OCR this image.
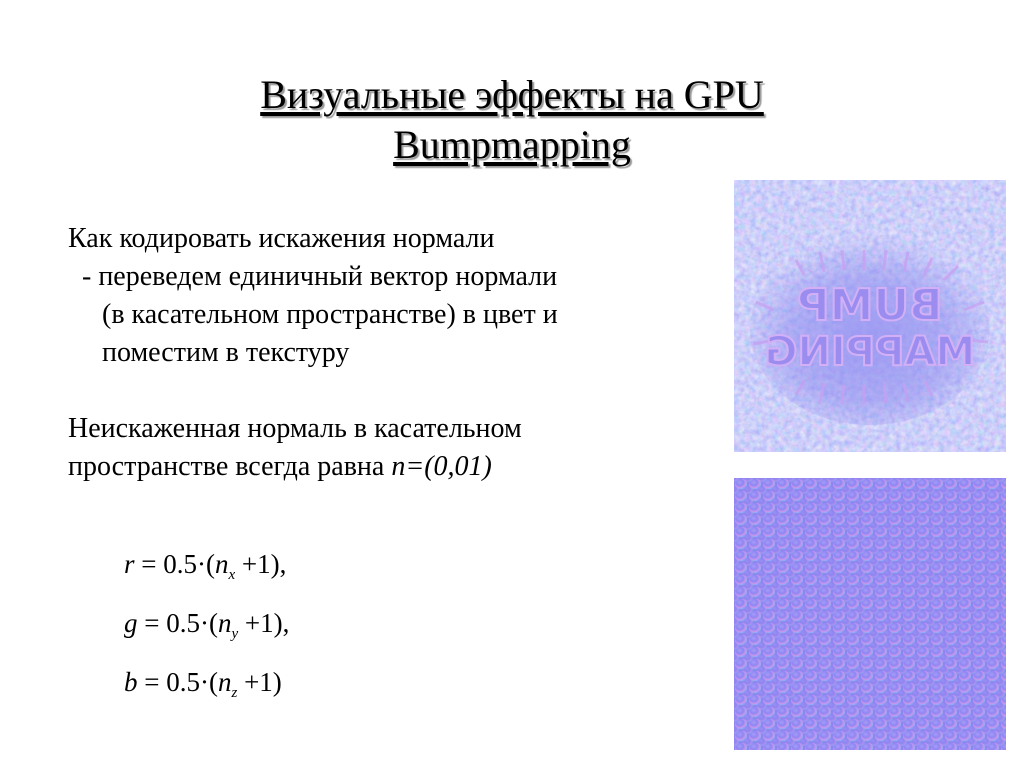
Визуальные эффекты на GPU
Bumpmapping

Как кодировать искажения нормали

- переведем единичный вектор нормали

(в касательном пространстве) в цвет и

поместим в текстуру

Неискаженная нормаль в касательном

пространстве всегда равна n=(0,01)

$r = 0.5\cdot(n_x +1)$,

$g = 0.5\cdot(n_y +1)$,

$b = 0.5\cdot(n_z +1)$

BUMP
MAPPING
